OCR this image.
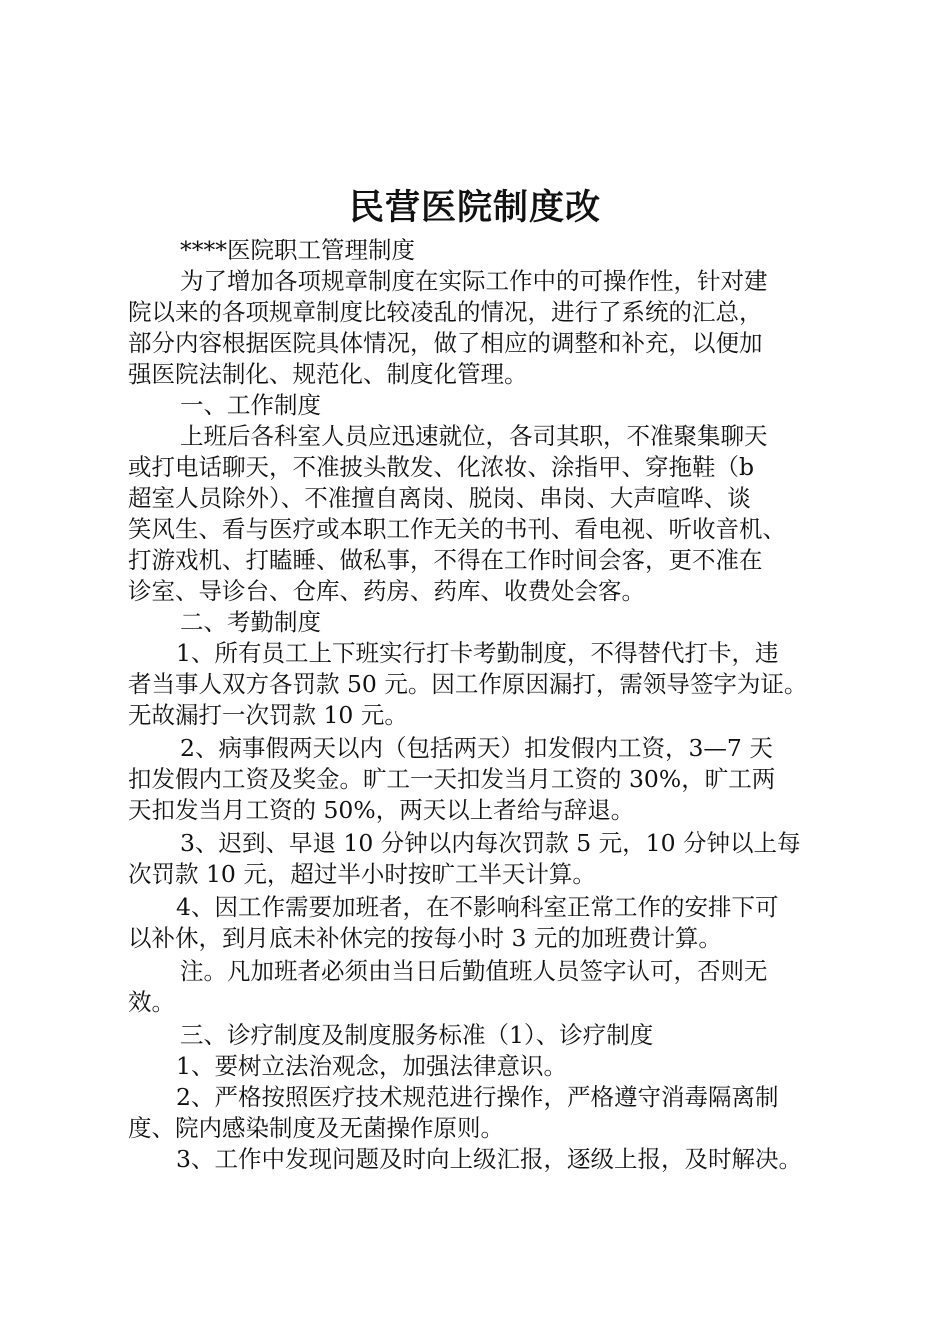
民营医院制度改
****医院职工管理制度
为了增加各项规章制度在实际工作中的可操作性，针对建
院以来的各项规章制度比较凌乱的情况，进行了系统的汇总，
部分内容根据医院具体情况，做了相应的调整和补充，以便加
强医院法制化、规范化、制度化管理。
一、工作制度
上班后各科室人员应迅速就位，各司其职，不准聚集聊天
或打电话聊天，不准披头散发、化浓妆、涂指甲、穿拖鞋（b
超室人员除外）、不准擅自离岗、脱岗、串岗、大声喧哗、谈
笑风生、看与医疗或本职工作无关的书刊、看电视、听收音机、
打游戏机、打瞌睡、做私事，不得在工作时间会客，更不准在
诊室、导诊台、仓库、药房、药库、收费处会客。
二、考勤制度
1、所有员工上下班实行打卡考勤制度，不得替代打卡，违
者当事人双方各罚款 50 元。因工作原因漏打，需领导签字为证。
无故漏打一次罚款 10 元。
2、病事假两天以内（包括两天）扣发假内工资，3—7 天
扣发假内工资及奖金。旷工一天扣发当月工资的 30%，旷工两
天扣发当月工资的 50%，两天以上者给与辞退。
3、迟到、早退 10 分钟以内每次罚款 5 元，10 分钟以上每
次罚款 10 元，超过半小时按旷工半天计算。
4、因工作需要加班者，在不影响科室正常工作的安排下可
以补休，到月底未补休完的按每小时 3 元的加班费计算。
注。凡加班者必须由当日后勤值班人员签字认可，否则无
效。
三、诊疗制度及制度服务标准（1）、诊疗制度
1、要树立法治观念，加强法律意识。
2、严格按照医疗技术规范进行操作，严格遵守消毒隔离制
度、院内感染制度及无菌操作原则。
3、工作中发现问题及时向上级汇报，逐级上报，及时解决。
